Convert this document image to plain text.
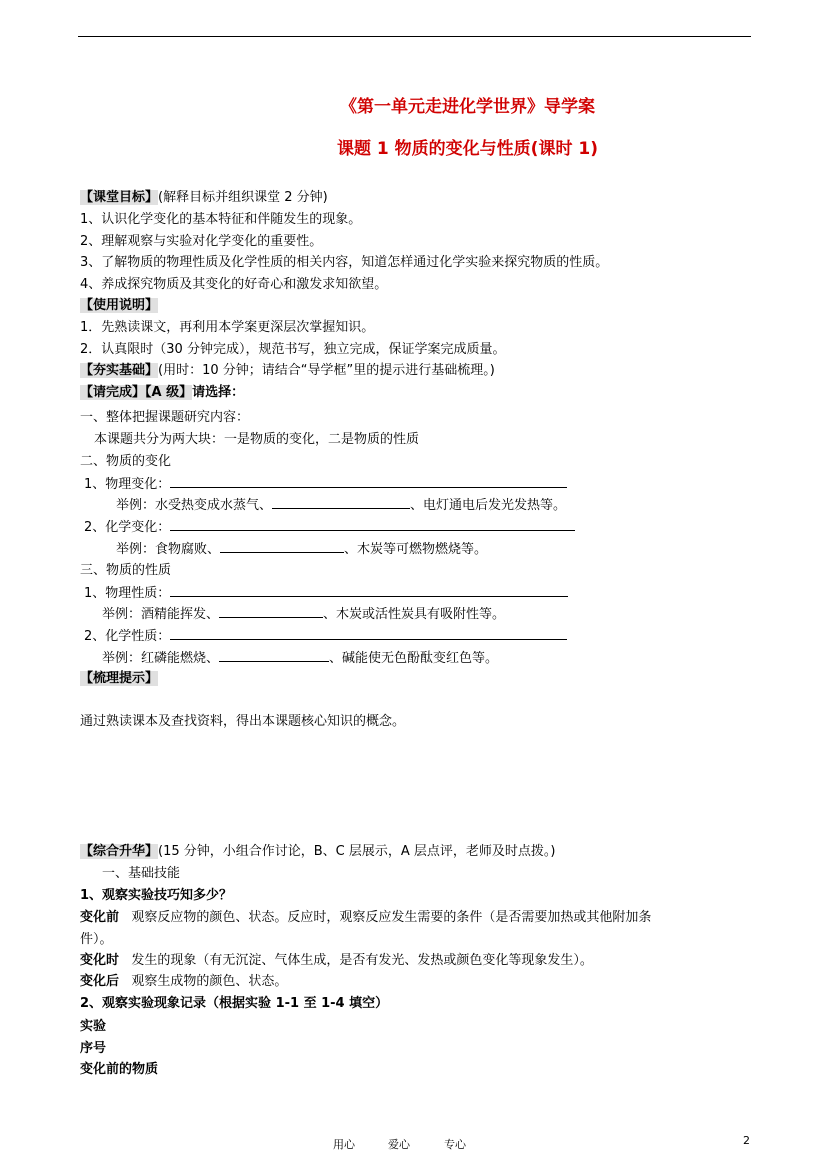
《第一单元走进化学世界》导学案
课题 1 物质的变化与性质(课时 1)
【课堂目标】(解释目标并组织课堂 2 分钟)
1、认识化学变化的基本特征和伴随发生的现象。
2、理解观察与实验对化学变化的重要性。
3、了解物质的物理性质及化学性质的相关内容，知道怎样通过化学实验来探究物质的性质。
4、养成探究物质及其变化的好奇心和激发求知欲望。
【使用说明】
1．先熟读课文，再利用本学案更深层次掌握知识。
2．认真限时（30 分钟完成），规范书写，独立完成，保证学案完成质量。
【夯实基础】(用时：10 分钟；请结合“导学框”里的提示进行基础梳理。)
【请完成】【A 级】请选择：
一、整体把握课题研究内容：
本课题共分为两大块：一是物质的变化，二是物质的性质
二、物质的变化
1、物理变化：
举例：水受热变成水蒸气、	、电灯通电后发光发热等。
2、化学变化：
举例：食物腐败、	、木炭等可燃物燃烧等。
三、物质的性质
1、物理性质：
举例：酒精能挥发、	、木炭或活性炭具有吸附性等。
2、化学性质：
举例：红磷能燃烧、	、碱能使无色酚酞变红色等。
【梳理提示】
通过熟读课本及查找资料，得出本课题核心知识的概念。
【综合升华】(15 分钟，小组合作讨论，B、C 层展示，A 层点评，老师及时点拨。)
一、基础技能
1、观察实验技巧知多少？
变化前 观察反应物的颜色、状态。反应时，观察反应发生需要的条件（是否需要加热或其他附加条
件）。
变化时 发生的现象（有无沉淀、气体生成，是否有发光、发热或颜色变化等现象发生）。
变化后 观察生成物的颜色、状态。
2、观察实验现象记录（根据实验 1-1 至 1-4 填空）
实验
序号
变化前的物质
用心	爱心	专心	2
